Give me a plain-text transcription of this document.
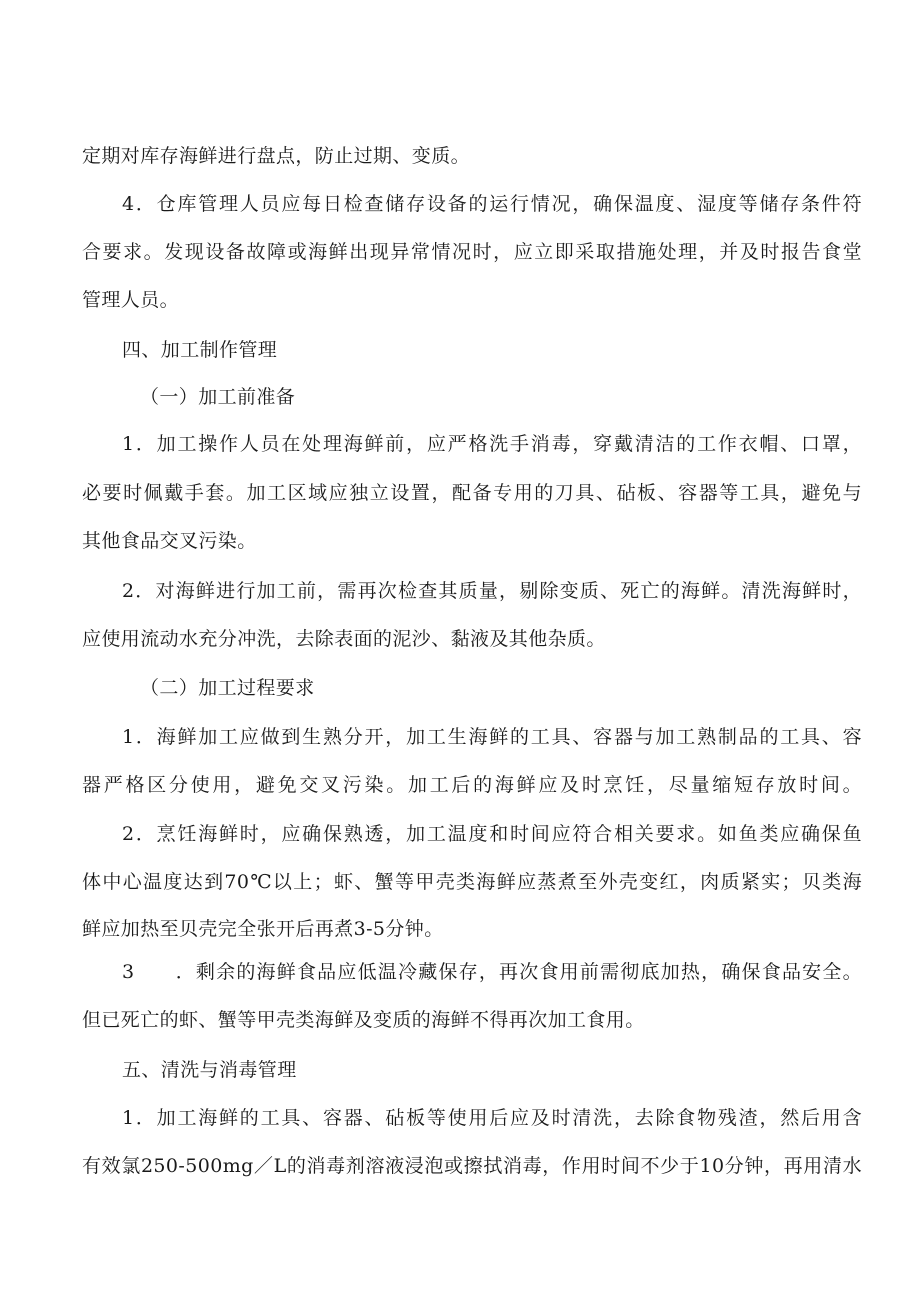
定期对库存海鲜进行盘点，防止过期、变质。
4．仓库管理人员应每日检查储存设备的运行情况，确保温度、湿度等储存条件符
合要求。发现设备故障或海鲜出现异常情况时，应立即采取措施处理，并及时报告食堂
管理人员。
四、加工制作管理
（一）加工前准备
1．加工操作人员在处理海鲜前，应严格洗手消毒，穿戴清洁的工作衣帽、口罩，
必要时佩戴手套。加工区域应独立设置，配备专用的刀具、砧板、容器等工具，避免与
其他食品交叉污染。
2．对海鲜进行加工前，需再次检查其质量，剔除变质、死亡的海鲜。清洗海鲜时，
应使用流动水充分冲洗，去除表面的泥沙、黏液及其他杂质。
（二）加工过程要求
1．海鲜加工应做到生熟分开，加工生海鲜的工具、容器与加工熟制品的工具、容
器严格区分使用，避免交叉污染。加工后的海鲜应及时烹饪，尽量缩短存放时间。
2．烹饪海鲜时，应确保熟透，加工温度和时间应符合相关要求。如鱼类应确保鱼
体中心温度达到70℃以上；虾、蟹等甲壳类海鲜应蒸煮至外壳变红，肉质紧实；贝类海
鲜应加热至贝壳完全张开后再煮3-5分钟。
3　　．剩余的海鲜食品应低温冷藏保存，再次食用前需彻底加热，确保食品安全。
但已死亡的虾、蟹等甲壳类海鲜及变质的海鲜不得再次加工食用。
五、清洗与消毒管理
1．加工海鲜的工具、容器、砧板等使用后应及时清洗，去除食物残渣，然后用含
有效氯250-500mg／L的消毒剂溶液浸泡或擦拭消毒，作用时间不少于10分钟，再用清水
